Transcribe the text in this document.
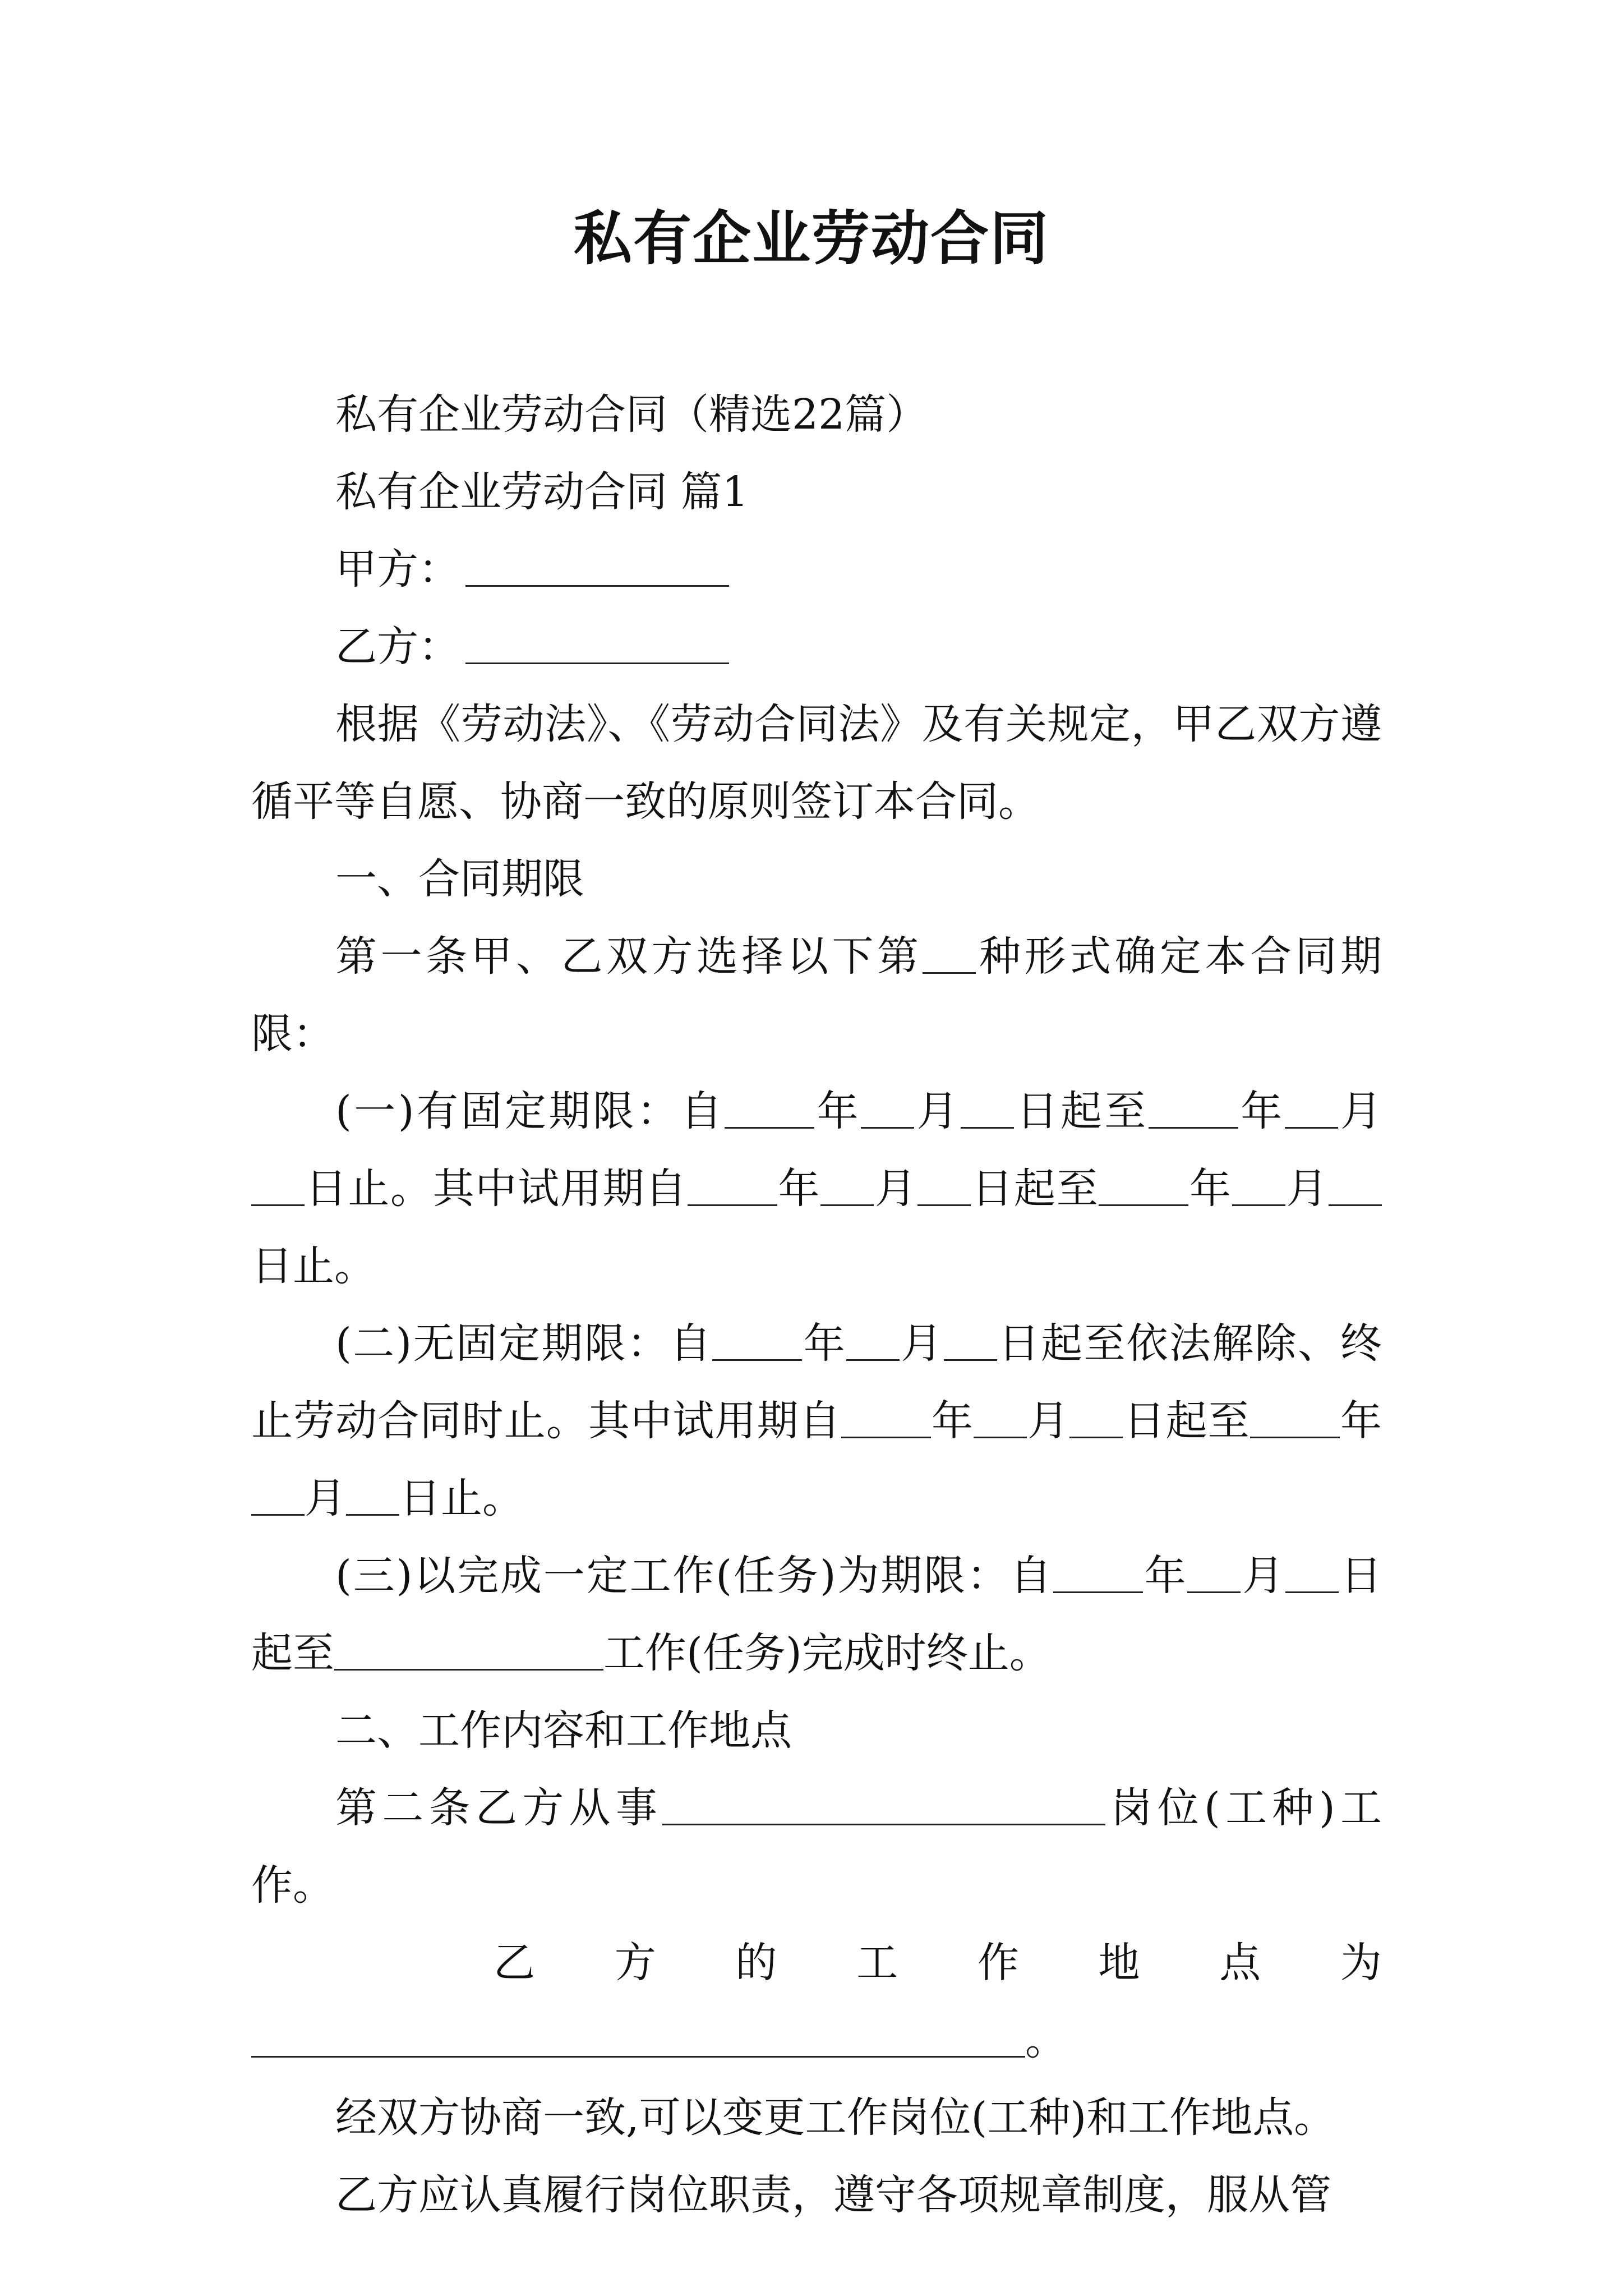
私有企业劳动合同

私有企业劳动合同（精选22篇）

私有企业劳动合同 篇1

甲方：

乙方：

根据《劳动法》、《劳动合同法》及有关规定，甲乙双方遵循平等自愿、协商一致的原则签订本合同。

一、合同期限

第一条甲、乙双方选择以下第 种形式确定本合同期限：

(一)有固定期限：自 年 月 日起至 年 月日止。其中试用期自 年 月 日起至 年 月日止。

(二)无固定期限：自 年 月 日起至依法解除、终止劳动合同时止。其中试用期自 年 月 日起至 年月 日止。

(三)以完成一定工作(任务)为期限：自 年 月 日起至	工作(任务)完成时终止。

二、工作内容和工作地点

第二条乙方从事	岗位(工种)工作。

乙 方 的 工 作 地 点 为

。

经双方协商一致,可以变更工作岗位(工种)和工作地点。

乙方应认真履行岗位职责，遵守各项规章制度，服从管
